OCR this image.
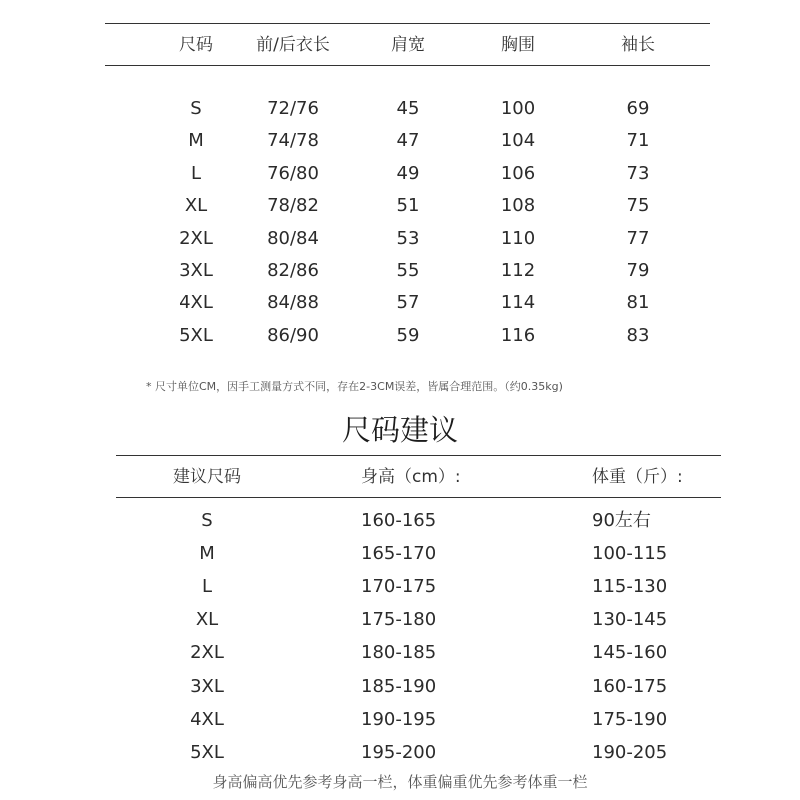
尺码	前/后衣长	肩宽	胸围	袖长
S	72/76	45	100	69
M	74/78	47	104	71
L	76/80	49	106	73
XL	78/82	51	108	75
2XL	80/84	53	110	77
3XL	82/86	55	112	79
4XL	84/88	57	114	81
5XL	86/90	59	116	83
* 尺寸单位CM，因手工测量方式不同，存在2-3CM误差，皆属合理范围。（约0.35kg)
尺码建议
建议尺码	身高（cm）:	体重（斤）:
S	160-165	90左右
M	165-170	100-115
L	170-175	115-130
XL	175-180	130-145
2XL	180-185	145-160
3XL	185-190	160-175
4XL	190-195	175-190
5XL	195-200	190-205
身高偏高优先参考身高一栏，体重偏重优先参考体重一栏
